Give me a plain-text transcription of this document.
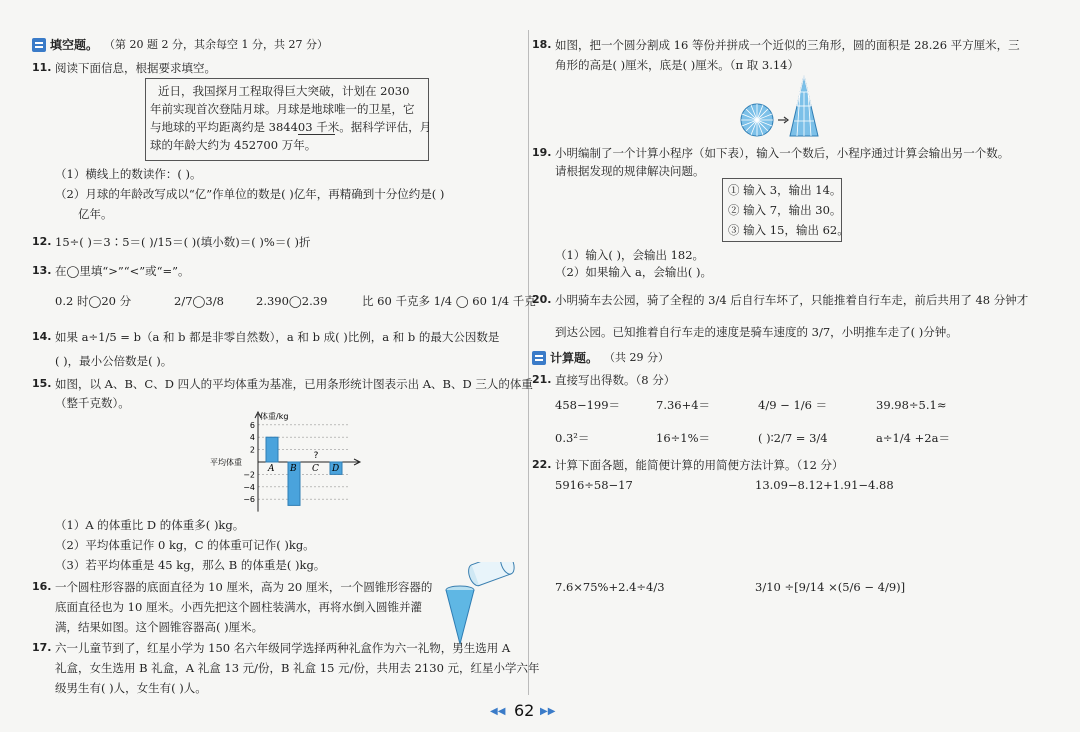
填空题。 （第 20 题 2 分，其余每空 1 分，共 27 分）
11. 阅读下面信息，根据要求填空。
近日，我国探月工程取得巨大突破，计划在 2030
年前实现首次登陆月球。月球是地球唯一的卫星，它
与地球的平均距离约是 384403 千米。据科学评估，月
球的年龄大约为 452700 万年。
（1）横线上的数读作：( )。
（2）月球的年龄改写成以“亿”作单位的数是( )亿年，再精确到十分位约是( )
亿年。
12. 15÷( )＝3∶5＝( )/15＝( )(填小数)＝( )%＝( )折
13. 在◯里填“>”“<”或“=”。
0.2 时◯20 分	2/7◯3/8	2.390◯2.39	比 60 千克多 1/4 ◯ 60 1/4 千克
14. 如果 a÷1/5 = b（a 和 b 都是非零自然数），a 和 b 成( )比例，a 和 b 的最大公因数是
( )，最小公倍数是( )。
15. 如图，以 A、B、C、D 四人的平均体重为基准，已用条形统计图表示出 A、B、D 三人的体重
（整千克数）。
6
4
2
−2
−4
−6
体重/kg
平均体重
A B
?
C D
（1）A 的体重比 D 的体重多( )kg。
（2）平均体重记作 0 kg，C 的体重可记作( )kg。
（3）若平均体重是 45 kg，那么 B 的体重是( )kg。
16. 一个圆柱形容器的底面直径为 10 厘米，高为 20 厘米，一个圆锥形容器的
底面直径也为 10 厘米。小西先把这个圆柱装满水，再将水倒入圆锥并灌
满，结果如图。这个圆锥容器高( )厘米。
17. 六一儿童节到了，红星小学为 150 名六年级同学选择两种礼盒作为六一礼物，男生选用 A
礼盒，女生选用 B 礼盒，A 礼盒 13 元/份，B 礼盒 15 元/份，共用去 2130 元，红星小学六年
级男生有( )人，女生有( )人。
18. 如图，把一个圆分割成 16 等份并拼成一个近似的三角形，圆的面积是 28.26 平方厘米，三
角形的高是( )厘米，底是( )厘米。（π 取 3.14）
19. 小明编制了一个计算小程序（如下表），输入一个数后，小程序通过计算会输出另一个数。
请根据发现的规律解决问题。
① 输入 3，输出 14。
② 输入 7，输出 30。
③ 输入 15，输出 62。
（1）输入( )，会输出 182。
（2）如果输入 a，会输出( )。
20. 小明骑车去公园，骑了全程的 3/4 后自行车坏了，只能推着自行车走，前后共用了 48 分钟才
到达公园。已知推着自行车走的速度是骑车速度的 3/7，小明推车走了( )分钟。
计算题。 （共 29 分）
21. 直接写出得数。（8 分）
458−199＝	7.36+4＝	4/9 − 1/6 ＝	39.98÷5.1≈
0.3²＝	16÷1%＝	( )∶2/7 = 3/4	a÷1/4 +2a＝
22. 计算下面各题，能简便计算的用简便方法计算。（12 分）
5916÷58−17	13.09−8.12+1.91−4.88
7.6×75%+2.4÷4/3	3/10 ÷[9/14 ×(5/6 − 4/9)]
◀◀ 62 ▶▶
